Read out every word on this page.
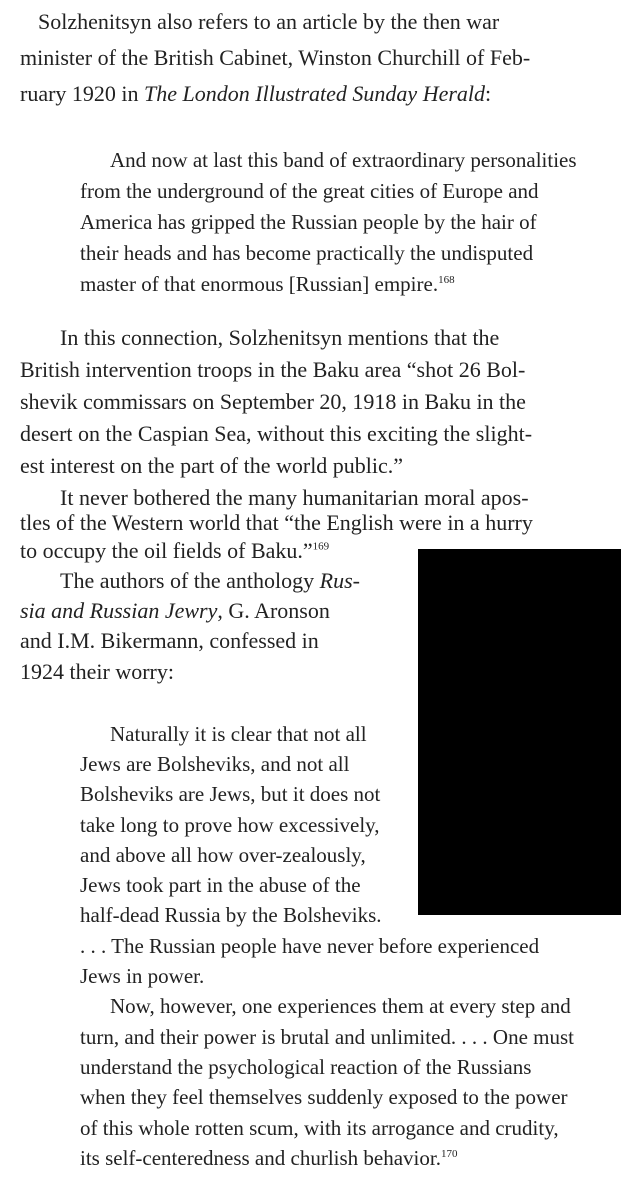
Solzhenitsyn also refers to an article by the then war

minister of the British Cabinet, Winston Churchill of Feb-

ruary 1920 in The London Illustrated Sunday Herald:

And now at last this band of extraordinary personalities

from the underground of the great cities of Europe and

America has gripped the Russian people by the hair of

their heads and has become practically the undisputed

master of that enormous [Russian] empire.$^{168}$

In this connection, Solzhenitsyn mentions that the

British intervention troops in the Baku area “shot 26 Bol-

shevik commissars on September 20, 1918 in Baku in the

desert on the Caspian Sea, without this exciting the slight-

est interest on the part of the world public.”

It never bothered the many humanitarian moral apos-

tles of the Western world that “the English were in a hurry

to occupy the oil fields of Baku.”$^{169}$

The authors of the anthology Rus-

sia and Russian Jewry, G. Aronson

and I.M. Bikermann, confessed in

1924 their worry:

Naturally it is clear that not all

Jews are Bolsheviks, and not all

Bolsheviks are Jews, but it does not

take long to prove how excessively,

and above all how over-zealously,

Jews took part in the abuse of the

half-dead Russia by the Bolsheviks.

. . . The Russian people have never before experienced

Jews in power.

Now, however, one experiences them at every step and

turn, and their power is brutal and unlimited. . . . One must

understand the psychological reaction of the Russians

when they feel themselves suddenly exposed to the power

of this whole rotten scum, with its arrogance and crudity,

its self-centeredness and churlish behavior.$^{170}$
